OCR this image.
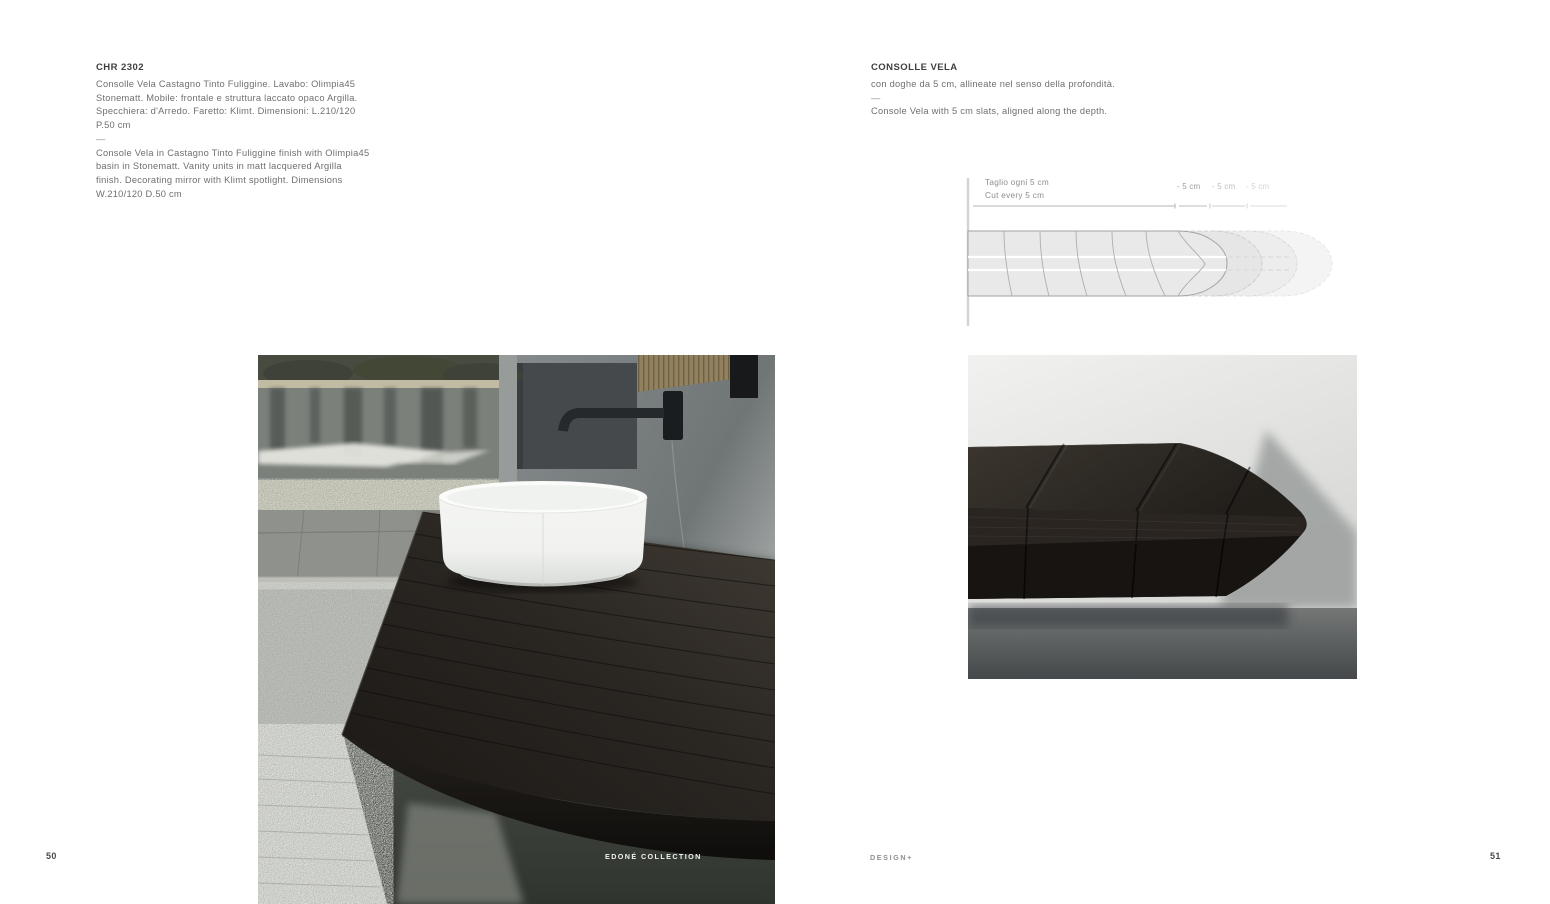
CHR 2302
Consolle Vela Castagno Tinto Fuliggine. Lavabo: Olimpia45
Stonematt. Mobile: frontale e struttura laccato opaco Argilla.
Specchiera: d'Arredo. Faretto: Klimt. Dimensioni: L.210/120
P.50 cm
—
Console Vela in Castagno Tinto Fuliggine finish with Olimpia45
basin in Stonematt. Vanity units in matt lacquered Argilla
finish. Decorating mirror with Klimt spotlight. Dimensions
W.210/120 D.50 cm
CONSOLLE VELA
con doghe da 5 cm, allineate nel senso della profondità.
—
Console Vela with 5 cm slats, aligned along the depth.
Taglio ogni 5 cm
Cut every 5 cm
- 5 cm - 5 cm - 5 cm
EDONÉ COLLECTION
50	DESIGN+	51
